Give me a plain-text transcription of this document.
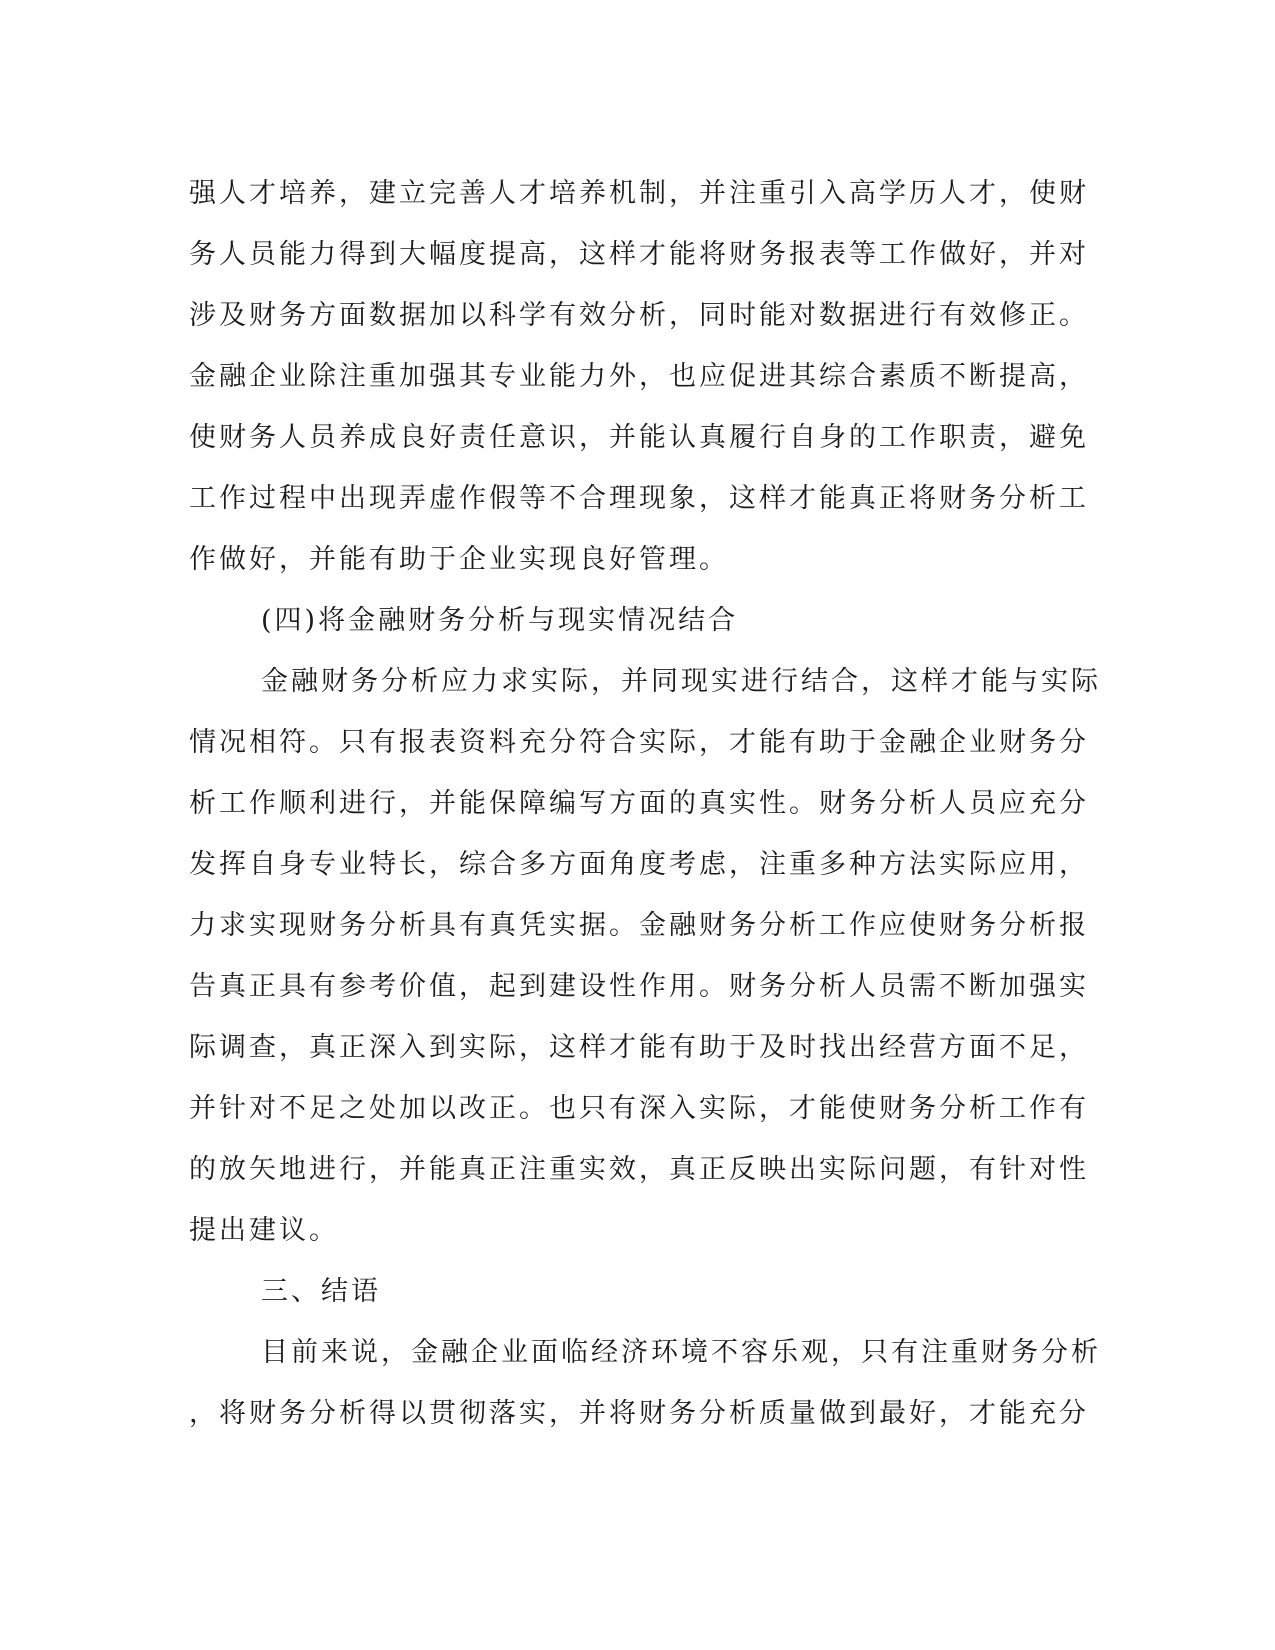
强人才培养，建立完善人才培养机制，并注重引入高学历人才，使财
务人员能力得到大幅度提高，这样才能将财务报表等工作做好，并对
涉及财务方面数据加以科学有效分析，同时能对数据进行有效修正。
金融企业除注重加强其专业能力外，也应促进其综合素质不断提高，
使财务人员养成良好责任意识，并能认真履行自身的工作职责，避免
工作过程中出现弄虚作假等不合理现象，这样才能真正将财务分析工
作做好，并能有助于企业实现良好管理。
(四)将金融财务分析与现实情况结合
金融财务分析应力求实际，并同现实进行结合，这样才能与实际
情况相符。只有报表资料充分符合实际，才能有助于金融企业财务分
析工作顺利进行，并能保障编写方面的真实性。财务分析人员应充分
发挥自身专业特长，综合多方面角度考虑，注重多种方法实际应用，
力求实现财务分析具有真凭实据。金融财务分析工作应使财务分析报
告真正具有参考价值，起到建设性作用。财务分析人员需不断加强实
际调查，真正深入到实际，这样才能有助于及时找出经营方面不足，
并针对不足之处加以改正。也只有深入实际，才能使财务分析工作有
的放矢地进行，并能真正注重实效，真正反映出实际问题，有针对性
提出建议。
三、结语
目前来说，金融企业面临经济环境不容乐观，只有注重财务分析
，将财务分析得以贯彻落实，并将财务分析质量做到最好，才能充分
